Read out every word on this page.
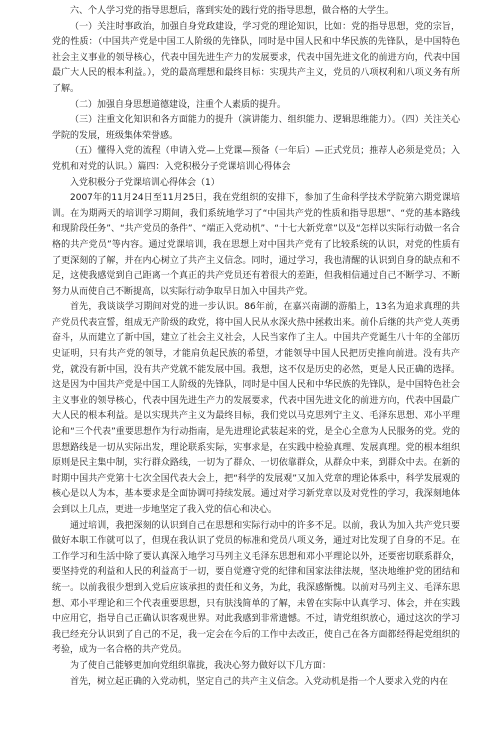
六、个人学习党的指导思想后，落到实处的践行党的指导思想，做合格的大学生。

（一）关注时事政治，加强自身党政建设，学习党的理论知识，比如：党的指导思想，党的宗旨，党的性质：（中国共产党是中国工人阶级的先锋队，同时是中国人民和中华民族的先锋队，是中国特色社会主义事业的领导核心，代表中国先进生产力的发展要求，代表中国先进文化的前进方向，代表中国最广大人民的根本利益。），党的最高理想和最终目标：实现共产主义，党员的八项权利和八项义务有所了解。

（二）加强自身思想道德建设，注重个人素质的提升。

（三）注重文化知识和各方面能力的提升（演讲能力、组织能力、逻辑思维能力）。（四）关注关心学院的发展，班级集体荣誉感。

（五）懂得入党的流程（申请入党—上党课—预备（一年后）—正式党员；推荐人必须是党员；入党机和对党的认识。）篇四：入党积极分子党课培训心得体会

入党积极分子党课培训心得体会（1）

2007年的11月24日至11月25日，我在党组织的安排下，参加了生命科学技术学院第六期党课培训。在为期两天的培训学习期间，我们系统地学习了“中国共产党的性质和指导思想”、“党的基本路线和现阶段任务”、“共产党员的条件”、“端正入党动机”、“十七大新党章”以及“怎样以实际行动做一名合格的共产党员”等内容。通过党课培训，我在思想上对中国共产党有了比较系统的认识，对党的性质有了更深刻的了解，并在内心树立了共产主义信念。同时，通过学习，我也清醒的认识到自身的缺点和不足，这使我感觉到自己距离一个真正的共产党员还有着很大的差距，但我相信通过自己不断学习、不断努力从而使自己不断提高，以实际行动争取早日加入中国共产党。

首先，我谈谈学习期间对党的进一步认识。86年前，在嘉兴南湖的游船上，13名为追求真理的共产党员代表宣誓，组成无产阶级的政党，将中国人民从水深火热中拯救出来。前仆后继的共产党人英勇奋斗，从而建立了新中国，建立了社会主义社会，人民当家作了主人。中国共产党诞生八十年的全部历史证明，只有共产党的领导，才能肩负起民族的希望，才能领导中国人民把历史推向前进。没有共产党，就没有新中国，没有共产党就不能发展中国。我想，这不仅是历史的必然，更是人民正确的选择。这是因为中国共产党是中国工人阶级的先锋队，同时是中国人民和中华民族的先锋队，是中国特色社会主义事业的领导核心，代表中国先进生产力的发展要求，代表中国先进文化的前进方向，代表中国最广大人民的根本利益。是以实现共产主义为最终目标，我们党以马克思列宁主义、毛泽东思想、邓小平理论和“三个代表”重要思想作为行动指南，是先进理论武装起来的党，是全心全意为人民服务的党。党的思想路线是一切从实际出发，理论联系实际，实事求是，在实践中检验真理、发展真理。党的根本组织原则是民主集中制，实行群众路线，一切为了群众、一切依靠群众，从群众中来，到群众中去。在新的时期中国共产党第十七次全国代表大会上，把“科学的发展观”又加入党章的理论体系中，科学发展观的核心是以人为本，基本要求是全面协调可持续发展。通过对学习新党章以及对党性的学习，我深刻地体会到以上几点，更进一步地坚定了我入党的信心和决心。

通过培训，我把深刻的认识到自己在思想和实际行动中的许多不足。以前，我认为加入共产党只要做好本职工作就可以了，但现在我认识了党员的标准和党员八项义务，通过对比发现了自身的不足。在工作学习和生活中除了要认真深入地学习马列主义毛泽东思想和邓小平理论以外，还要密切联系群众，要坚持党的利益和人民的利益高于一切，要自觉遵守党的纪律和国家法律法规，坚决地维护党的团结和统一。以前我很少想到入党后应该承担的责任和义务，为此，我深感惭愧。以前对马列主义、毛泽东思想、邓小平理论和三个代表重要思想，只有肤浅简单的了解，未曾在实际中认真学习、体会，并在实践中应用它，指导自己正确认识客观世界。对此我感到非常遗憾。不过，请党组织放心，通过这次的学习我已经充分认识到了自己的不足，我一定会在今后的工作中去改正，使自己在各方面都经得起党组织的考验，成为一名合格的共产党员。

为了使自己能够更加向党组织靠拢，我决心努力做好以下几方面：

首先，树立起正确的入党动机，坚定自己的共产主义信念。入党动机是指一个人要求入党的内在
